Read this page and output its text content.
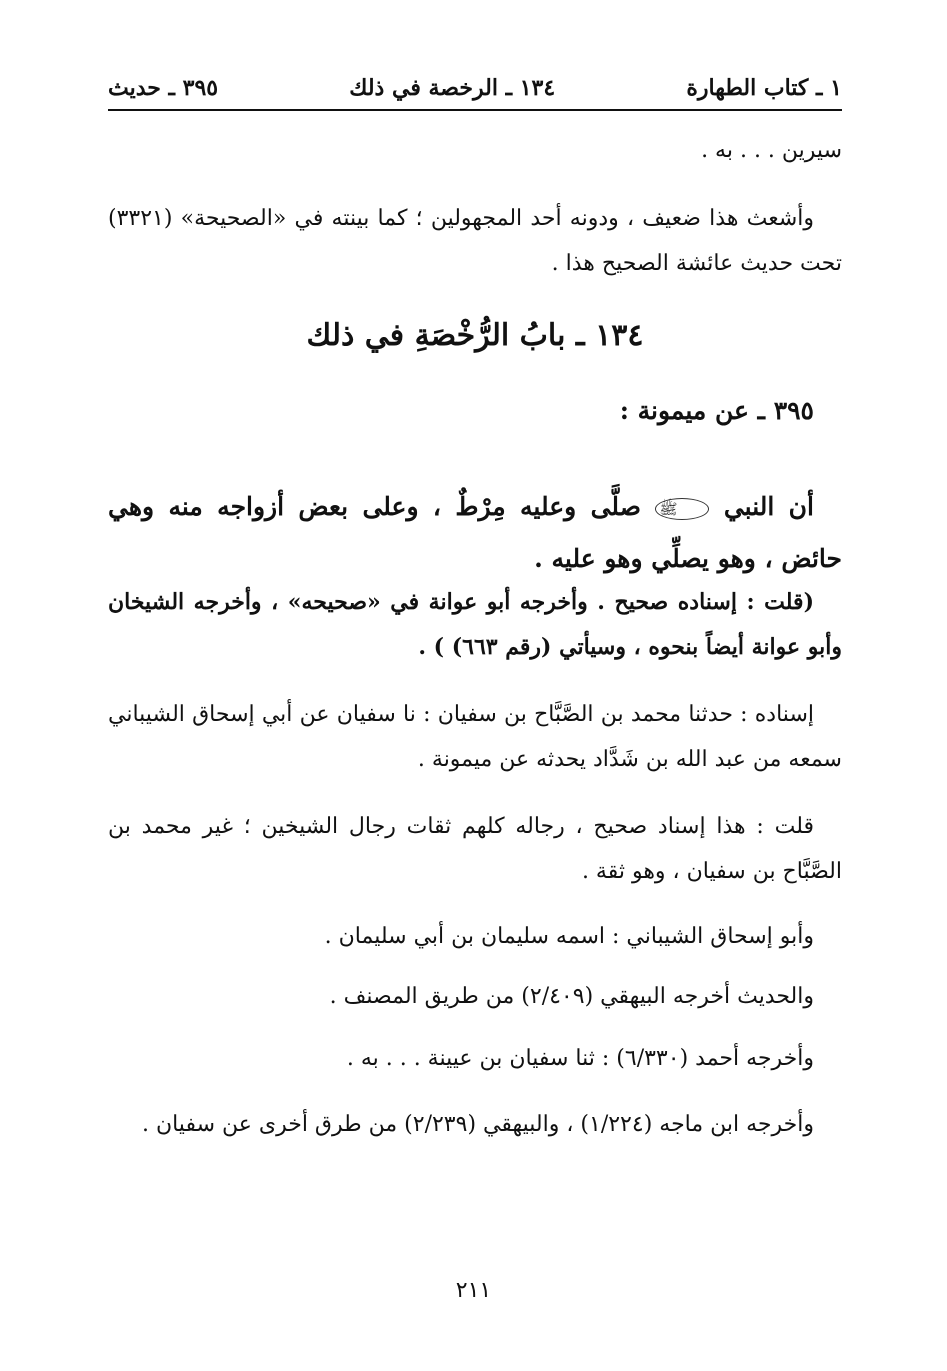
١ ـ كتاب الطهارة
١٣٤ ـ الرخصة في ذلك
٣٩٥ ـ حديث

سيرين . . . به .

وأشعث هذا ضعيف ، ودونه أحد المجهولين ؛ كما بينته في «الصحيحة» (٣٣٢١) تحت حديث عائشة الصحيح هذا .

١٣٤ ـ بابُ الرُّخْصَةِ في ذلك
٣٩٥ ـ عن ميمونة :

أن النبي ﷺ صلَّى وعليه مِرْطٌ ، وعلى بعض أزواجه منه وهي حائض ، وهو يصلِّي وهو عليه .

(قلت : إسناده صحيح . وأخرجه أبو عوانة في «صحيحه» ، وأخرجه الشيخان وأبو عوانة أيضاً بنحوه ، وسيأتي (رقم ٦٦٣) ) .

إسناده : حدثنا محمد بن الصَّبَّاح بن سفيان : نا سفيان عن أبي إسحاق الشيباني سمعه من عبد الله بن شَدَّاد يحدثه عن ميمونة .

قلت : هذا إسناد صحيح ، رجاله كلهم ثقات رجال الشيخين ؛ غير محمد بن الصَّبَّاح بن سفيان ، وهو ثقة .

وأبو إسحاق الشيباني : اسمه سليمان بن أبي سليمان .

والحديث أخرجه البيهقي (٢/٤٠٩) من طريق المصنف .

وأخرجه أحمد (٦/٣٣٠) : ثنا سفيان بن عيينة . . . به .

وأخرجه ابن ماجه (١/٢٢٤) ، والبيهقي (٢/٢٣٩) من طرق أخرى عن سفيان .

٢١١
